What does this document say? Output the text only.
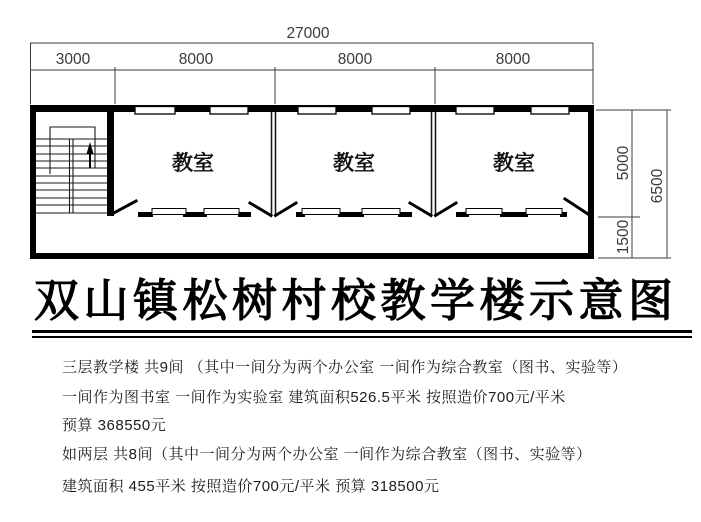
27000
3000	8000	8000	8000
5000
1500
6500
教室	教室	教室
双山镇松树村校教学楼示意图
三层教学楼 共9间 （其中一间分为两个办公室 一间作为综合教室（图书、实验等）
一间作为图书室 一间作为实验室 建筑面积526.5平米 按照造价700元/平米
预算 368550元
如两层 共8间（其中一间分为两个办公室 一间作为综合教室（图书、实验等）
建筑面积 455平米 按照造价700元/平米 预算 318500元
